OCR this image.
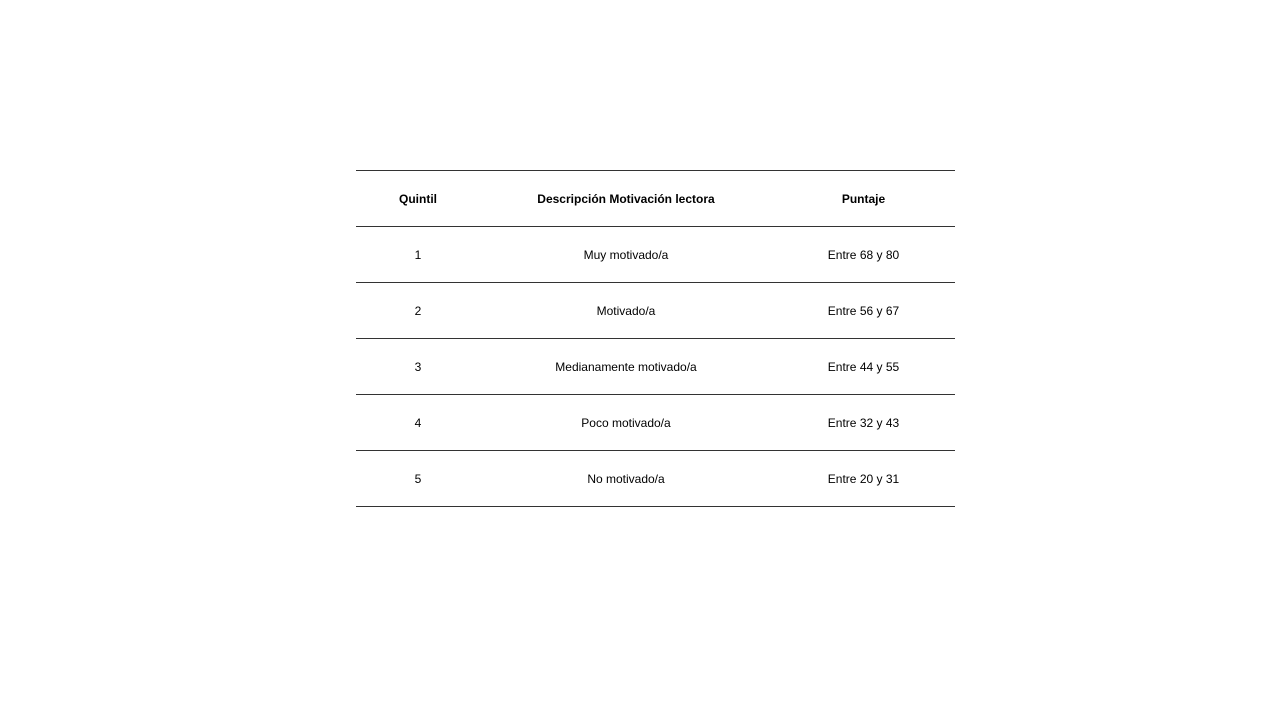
Quintil	Descripción Motivación lectora	Puntaje
1	Muy motivado/a	Entre 68 y 80
2	Motivado/a	Entre 56 y 67
3	Medianamente motivado/a	Entre 44 y 55
4	Poco motivado/a	Entre 32 y 43
5	No motivado/a	Entre 20 y 31
